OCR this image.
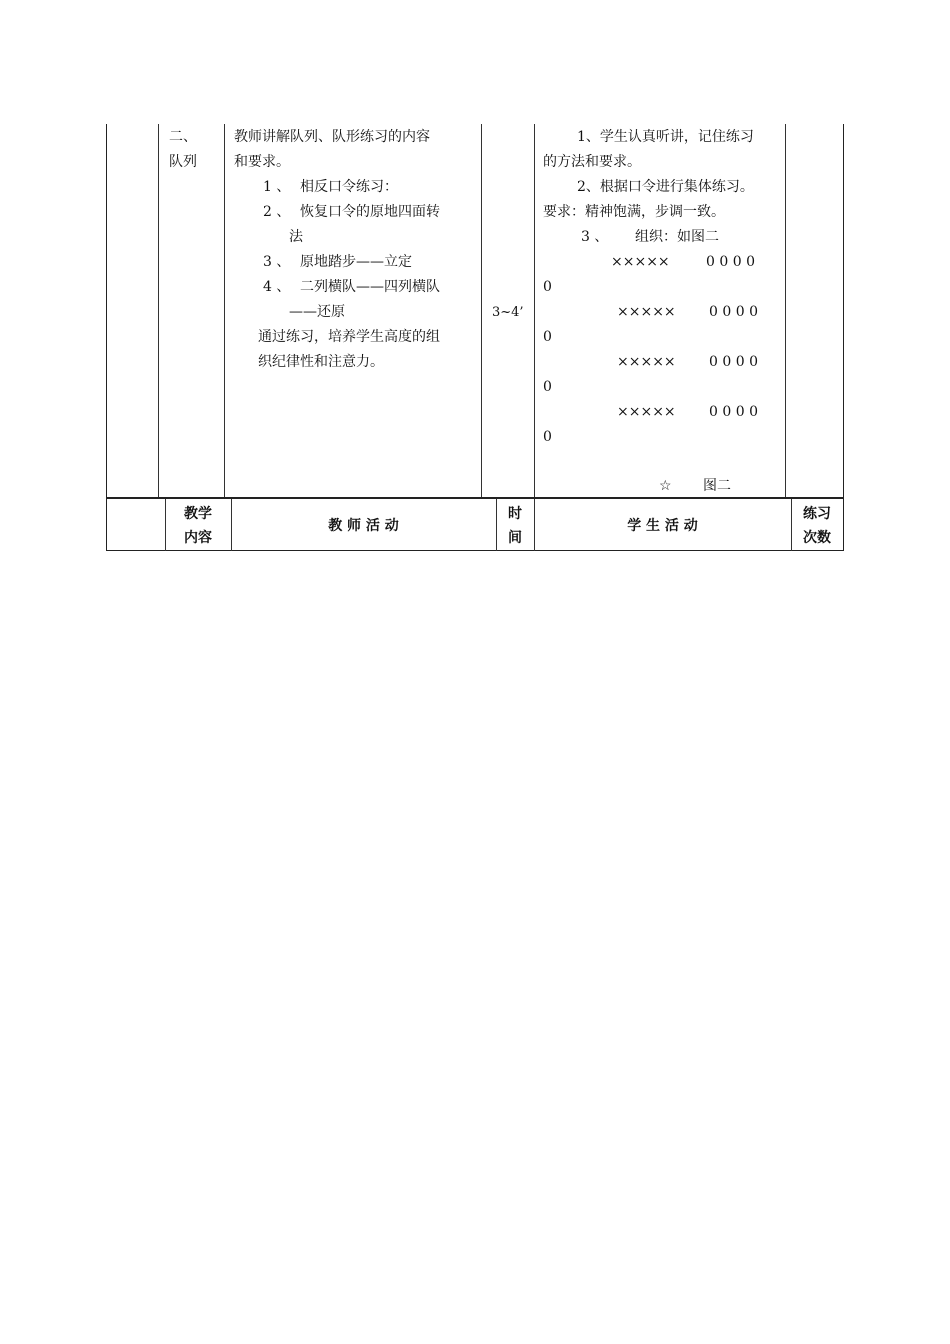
二、
队列
教师讲解队列、队形练习的内容
和要求。
1 、 相反口令练习：
2 、 恢复口令的原地四面转
法
3 、 原地踏步——立定
4 、 二列横队——四列横队
——还原
通过练习，培养学生高度的组
织纪律性和注意力。
3~4’
1、学生认真听讲，记住练习
的方法和要求。
2、根据口令进行集体练习。
要求：精神饱满，步调一致。
3 、      组织：如图二
×××××	0 0 0 0
0
××××× 0 0 0 0
0
××××× 0 0 0 0
0
××××× 0 0 0 0
0
☆ 图二
教学
内容
教 师 活 动
时
间
学 生 活 动
练习
次数
